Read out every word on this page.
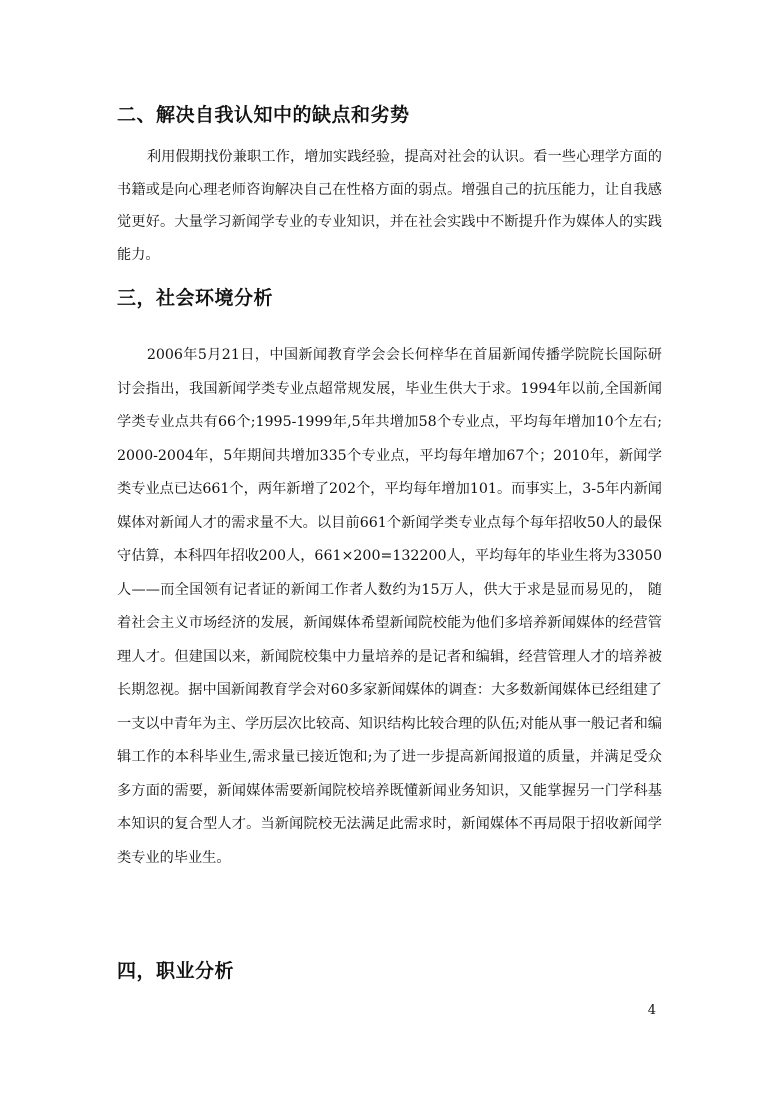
二、解决自我认知中的缺点和劣势

利用假期找份兼职工作，增加实践经验，提高对社会的认识。看一些心理学方面的书籍或是向心理老师咨询解决自己在性格方面的弱点。增强自己的抗压能力，让自我感觉更好。大量学习新闻学专业的专业知识，并在社会实践中不断提升作为媒体人的实践能力。

三，社会环境分析

2006年5月21日，中国新闻教育学会会长何梓华在首届新闻传播学院院长国际研讨会指出，我国新闻学类专业点超常规发展，毕业生供大于求。1994年以前,全国新闻学类专业点共有66个;1995-1999年,5年共增加58个专业点，平均每年增加10个左右;2000-2004年，5年期间共增加335个专业点，平均每年增加67个；2010年，新闻学类专业点已达661个，两年新增了202个，平均每年增加101。而事实上，3-5年内新闻媒体对新闻人才的需求量不大。以目前661个新闻学类专业点每个每年招收50人的最保守估算，本科四年招收200人，661×200=132200人，平均每年的毕业生将为33050人——而全国领有记者证的新闻工作者人数约为15万人，供大于求是显而易见的， 随着社会主义市场经济的发展，新闻媒体希望新闻院校能为他们多培养新闻媒体的经营管理人才。但建国以来，新闻院校集中力量培养的是记者和编辑，经营管理人才的培养被长期忽视。据中国新闻教育学会对60多家新闻媒体的调查：大多数新闻媒体已经组建了一支以中青年为主、学历层次比较高、知识结构比较合理的队伍;对能从事一般记者和编辑工作的本科毕业生,需求量已接近饱和;为了进一步提高新闻报道的质量，并满足受众多方面的需要，新闻媒体需要新闻院校培养既懂新闻业务知识，又能掌握另一门学科基本知识的复合型人才。当新闻院校无法满足此需求时，新闻媒体不再局限于招收新闻学类专业的毕业生。

四，职业分析
4
